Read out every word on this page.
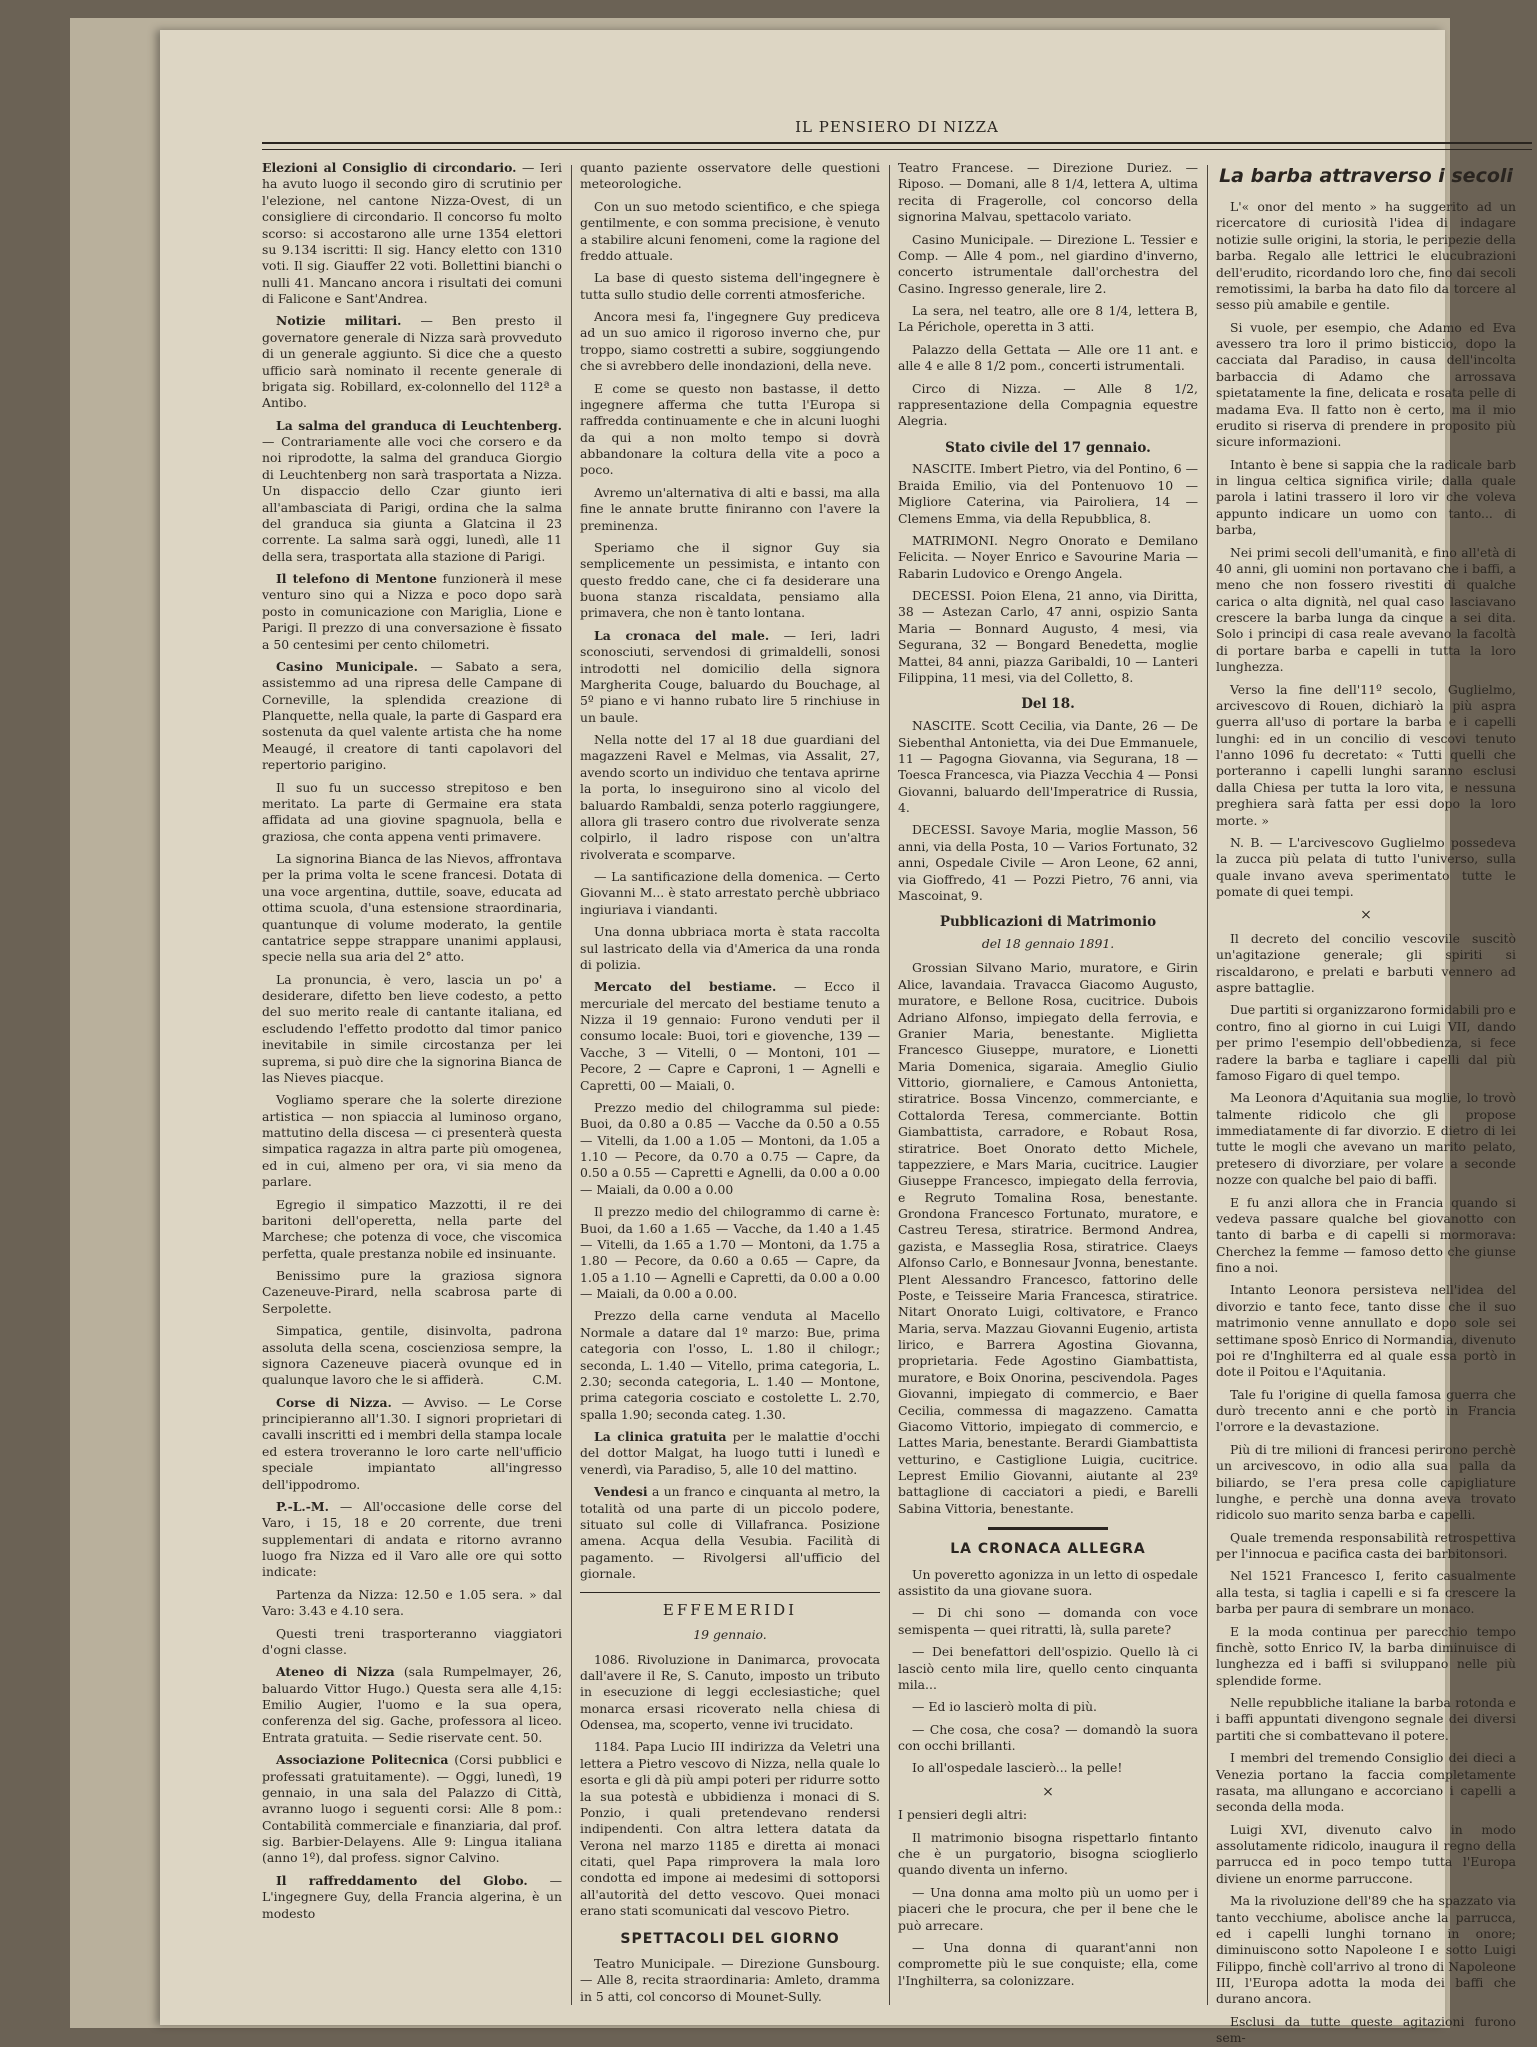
IL PENSIERO DI NIZZA

Elezioni al Consiglio di circondario. — Ieri ha avuto luogo il secondo giro di scrutinio per l'elezione, nel cantone Nizza-Ovest, di un consigliere di circondario. Il concorso fu molto scorso: si accostarono alle urne 1354 elettori su 9.134 iscritti: Il sig. Hancy eletto con 1310 voti. Il sig. Giauffer 22 voti. Bollettini bianchi o nulli 41. Mancano ancora i risultati dei comuni di Falicone e Sant'Andrea.

Notizie militari. — Ben presto il governatore generale di Nizza sarà provveduto di un generale aggiunto. Si dice che a questo ufficio sarà nominato il recente generale di brigata sig. Robillard, ex-colonnello del 112ª a Antibo.

La salma del granduca di Leuchtenberg. — Contrariamente alle voci che corsero e da noi riprodotte, la salma del granduca Giorgio di Leuchtenberg non sarà trasportata a Nizza. Un dispaccio dello Czar giunto ieri all'ambasciata di Parigi, ordina che la salma del granduca sia giunta a Glatcina il 23 corrente. La salma sarà oggi, lunedì, alle 11 della sera, trasportata alla stazione di Parigi.

Il telefono di Mentone funzionerà il mese venturo sino qui a Nizza e poco dopo sarà posto in comunicazione con Mariglia, Lione e Parigi. Il prezzo di una conversazione è fissato a 50 centesimi per cento chilometri.

Casino Municipale. — Sabato a sera, assistemmo ad una ripresa delle Campane di Corneville, la splendida creazione di Planquette, nella quale, la parte di Gaspard era sostenuta da quel valente artista che ha nome Meaugé, il creatore di tanti capolavori del repertorio parigino.

Il suo fu un successo strepitoso e ben meritato. La parte di Germaine era stata affidata ad una giovine spagnuola, bella e graziosa, che conta appena venti primavere.

La signorina Bianca de las Nievos, affrontava per la prima volta le scene francesi. Dotata di una voce argentina, duttile, soave, educata ad ottima scuola, d'una estensione straordinaria, quantunque di volume moderato, la gentile cantatrice seppe strappare unanimi applausi, specie nella sua aria del 2° atto.

La pronuncia, è vero, lascia un po' a desiderare, difetto ben lieve codesto, a petto del suo merito reale di cantante italiana, ed escludendo l'effetto prodotto dal timor panico inevitabile in simile circostanza per lei suprema, si può dire che la signorina Bianca de las Nieves piacque.

Vogliamo sperare che la solerte direzione artistica — non spiaccia al luminoso organo, mattutino della discesa — ci presenterà questa simpatica ragazza in altra parte più omogenea, ed in cui, almeno per ora, vi sia meno da parlare.

Egregio il simpatico Mazzotti, il re dei baritoni dell'operetta, nella parte del Marchese; che potenza di voce, che viscomica perfetta, quale prestanza nobile ed insinuante.

Benissimo pure la graziosa signora Cazeneuve-Pirard, nella scabrosa parte di Serpolette.

Simpatica, gentile, disinvolta, padrona assoluta della scena, coscienziosa sempre, la signora Cazeneuve piacerà ovunque ed in qualunque lavoro che le si affiderà.	C.M.

Corse di Nizza. — Avviso. — Le Corse principieranno all'1.30. I signori proprietari di cavalli inscritti ed i membri della stampa locale ed estera troveranno le loro carte nell'ufficio speciale impiantato all'ingresso dell'ippodromo.

P.-L.-M. — All'occasione delle corse del Varo, i 15, 18 e 20 corrente, due treni supplementari di andata e ritorno avranno luogo fra Nizza ed il Varo alle ore qui sotto indicate:

Partenza da Nizza: 12.50 e 1.05 sera. » dal Varo: 3.43 e 4.10 sera.

Questi treni trasporteranno viaggiatori d'ogni classe.

Ateneo di Nizza (sala Rumpelmayer, 26, baluardo Vittor Hugo.) Questa sera alle 4,15: Emilio Augier, l'uomo e la sua opera, conferenza del sig. Gache, professora al liceo. Entrata gratuita. — Sedie riservate cent. 50.

Associazione Politecnica (Corsi pubblici e professati gratuitamente). — Oggi, lunedì, 19 gennaio, in una sala del Palazzo di Città, avranno luogo i seguenti corsi: Alle 8 pom.: Contabilità commerciale e finanziaria, dal prof. sig. Barbier-Delayens. Alle 9: Lingua italiana (anno 1º), dal profess. signor Calvino.

Il raffreddamento del Globo. — L'ingegnere Guy, della Francia algerina, è un modesto

quanto paziente osservatore delle questioni meteorologiche.

Con un suo metodo scientifico, e che spiega gentilmente, e con somma precisione, è venuto a stabilire alcuni fenomeni, come la ragione del freddo attuale.

La base di questo sistema dell'ingegnere è tutta sullo studio delle correnti atmosferiche.

Ancora mesi fa, l'ingegnere Guy prediceva ad un suo amico il rigoroso inverno che, pur troppo, siamo costretti a subire, soggiungendo che si avrebbero delle inondazioni, della neve.

E come se questo non bastasse, il detto ingegnere afferma che tutta l'Europa si raffredda continuamente e che in alcuni luoghi da qui a non molto tempo si dovrà abbandonare la coltura della vite a poco a poco.

Avremo un'alternativa di alti e bassi, ma alla fine le annate brutte finiranno con l'avere la preminenza.

Speriamo che il signor Guy sia semplicemente un pessimista, e intanto con questo freddo cane, che ci fa desiderare una buona stanza riscaldata, pensiamo alla primavera, che non è tanto lontana.

La cronaca del male. — Ieri, ladri sconosciuti, servendosi di grimaldelli, sonosi introdotti nel domicilio della signora Margherita Couge, baluardo du Bouchage, al 5º piano e vi hanno rubato lire 5 rinchiuse in un baule.

Nella notte del 17 al 18 due guardiani del magazzeni Ravel e Melmas, via Assalit, 27, avendo scorto un individuo che tentava aprirne la porta, lo inseguirono sino al vicolo del baluardo Rambaldi, senza poterlo raggiungere, allora gli trasero contro due rivolverate senza colpirlo, il ladro rispose con un'altra rivolverata e scomparve.

— La santificazione della domenica. — Certo Giovanni M... è stato arrestato perchè ubbriaco ingiuriava i viandanti.

Una donna ubbriaca morta è stata raccolta sul lastricato della via d'America da una ronda di polizia.

Mercato del bestiame. — Ecco il mercuriale del mercato del bestiame tenuto a Nizza il 19 gennaio: Furono venduti per il consumo locale: Buoi, tori e giovenche, 139 —Vacche, 3 — Vitelli, 0 — Montoni, 101 — Pecore, 2 — Capre e Caproni, 1 — Agnelli e Capretti, 00 — Maiali, 0.

Prezzo medio del chilogramma sul piede: Buoi, da 0.80 a 0.85 — Vacche da 0.50 a 0.55 — Vitelli, da 1.00 a 1.05 — Montoni, da 1.05 a 1.10 — Pecore, da 0.70 a 0.75 — Capre, da 0.50 a 0.55 — Capretti e Agnelli, da 0.00 a 0.00 — Maiali, da 0.00 a 0.00

Il prezzo medio del chilogrammo di carne è: Buoi, da 1.60 a 1.65 — Vacche, da 1.40 a 1.45 — Vitelli, da 1.65 a 1.70 — Montoni, da 1.75 a 1.80 — Pecore, da 0.60 a 0.65 — Capre, da 1.05 a 1.10 — Agnelli e Capretti, da 0.00 a 0.00 — Maiali, da 0.00 a 0.00.

Prezzo della carne venduta al Macello Normale a datare dal 1º marzo: Bue, prima categoria con l'osso, L. 1.80 il chilogr.; seconda, L. 1.40 — Vitello, prima categoria, L. 2.30; seconda categoria, L. 1.40 — Montone, prima categoria cosciato e costolette L. 2.70, spalla 1.90; seconda categ. 1.30.

La clinica gratuita per le malattie d'occhi del dottor Malgat, ha luogo tutti i lunedì e venerdì, via Paradiso, 5, alle 10 del mattino.

Vendesi a un franco e cinquanta al metro, la totalità od una parte di un piccolo podere, situato sul colle di Villafranca. Posizione amena. Acqua della Vesubia. Facilità di pagamento. — Rivolgersi all'ufficio del giornale.

EFFEMERIDI
19 gennaio.

1086. Rivoluzione in Danimarca, provocata dall'avere il Re, S. Canuto, imposto un tributo in esecuzione di leggi ecclesiastiche; quel monarca ersasi ricoverato nella chiesa di Odensea, ma, scoperto, venne ivi trucidato.

1184. Papa Lucio III indirizza da Veletri una lettera a Pietro vescovo di Nizza, nella quale lo esorta e gli dà più ampi poteri per ridurre sotto la sua potestà e ubbidienza i monaci di S. Ponzio, i quali pretendevano rendersi indipendenti. Con altra lettera datata da Verona nel marzo 1185 e diretta ai monaci citati, quel Papa rimprovera la mala loro condotta ed impone ai medesimi di sottoporsi all'autorità del detto vescovo. Quei monaci erano stati scomunicati dal vescovo Pietro.

SPETTACOLI DEL GIORNO

Teatro Municipale. — Direzione Gunsbourg. — Alle 8, recita straordinaria: Amleto, dramma in 5 atti, col concorso di Mounet-Sully.

Teatro Francese. — Direzione Duriez. — Riposo. — Domani, alle 8 1/4, lettera A, ultima recita di Fragerolle, col concorso della signorina Malvau, spettacolo variato.

Casino Municipale. — Direzione L. Tessier e Comp. — Alle 4 pom., nel giardino d'inverno, concerto istrumentale dall'orchestra del Casino. Ingresso generale, lire 2.

La sera, nel teatro, alle ore 8 1/4, lettera B, La Périchole, operetta in 3 atti.

Palazzo della Gettata — Alle ore 11 ant. e alle 4 e alle 8 1/2 pom., concerti istrumentali.

Circo di Nizza. — Alle 8 1/2, rappresentazione della Compagnia equestre Alegria.

Stato civile del 17 gennaio.

NASCITE. Imbert Pietro, via del Pontino, 6 — Braida Emilio, via del Pontenuovo 10 — Migliore Caterina, via Pairoliera, 14 — Clemens Emma, via della Repubblica, 8.

MATRIMONI. Negro Onorato e Demilano Felicita. — Noyer Enrico e Savourine Maria — Rabarin Ludovico e Orengo Angela.

DECESSI. Poion Elena, 21 anno, via Diritta, 38 — Astezan Carlo, 47 anni, ospizio Santa Maria — Bonnard Augusto, 4 mesi, via Segurana, 32 — Bongard Benedetta, moglie Mattei, 84 anni, piazza Garibaldi, 10 — Lanteri Filippina, 11 mesi, via del Colletto, 8.

Del 18.

NASCITE. Scott Cecilia, via Dante, 26 — De Siebenthal Antonietta, via dei Due Emmanuele, 11 — Pagogna Giovanna, via Segurana, 18 — Toesca Francesca, via Piazza Vecchia 4 — Ponsi Giovanni, baluardo dell'Imperatrice di Russia, 4.

DECESSI. Savoye Maria, moglie Masson, 56 anni, via della Posta, 10 — Varios Fortunato, 32 anni, Ospedale Civile — Aron Leone, 62 anni, via Gioffredo, 41 — Pozzi Pietro, 76 anni, via Mascoinat, 9.

Pubblicazioni di Matrimonio
del 18 gennaio 1891.

Grossian Silvano Mario, muratore, e Girin Alice, lavandaia. Travacca Giacomo Augusto, muratore, e Bellone Rosa, cucitrice. Dubois Adriano Alfonso, impiegato della ferrovia, e Granier Maria, benestante. Miglietta Francesco Giuseppe, muratore, e Lionetti Maria Domenica, sigaraia. Ameglio Giulio Vittorio, giornaliere, e Camous Antonietta, stiratrice. Bossa Vincenzo, commerciante, e Cottalorda Teresa, commerciante. Bottin Giambattista, carradore, e Robaut Rosa, stiratrice. Boet Onorato detto Michele, tappezziere, e Mars Maria, cucitrice. Laugier Giuseppe Francesco, impiegato della ferrovia, e Regruto Tomalina Rosa, benestante. Grondona Francesco Fortunato, muratore, e Castreu Teresa, stiratrice. Bermond Andrea, gazista, e Masseglia Rosa, stiratrice. Claeys Alfonso Carlo, e Bonnesaur Jvonna, benestante. Plent Alessandro Francesco, fattorino delle Poste, e Teisseire Maria Francesca, stiratrice. Nitart Onorato Luigi, coltivatore, e Franco Maria, serva. Mazzau Giovanni Eugenio, artista lirico, e Barrera Agostina Giovanna, proprietaria. Fede Agostino Giambattista, muratore, e Boix Onorina, pescivendola. Pages Giovanni, impiegato di commercio, e Baer Cecilia, commessa di magazzeno. Camatta Giacomo Vittorio, impiegato di commercio, e Lattes Maria, benestante. Berardi Giambattista vetturino, e Castiglione Luigia, cucitrice. Leprest Emilio Giovanni, aiutante al 23º battaglione di cacciatori a piedi, e Barelli Sabina Vittoria, benestante.

LA CRONACA ALLEGRA

Un poveretto agonizza in un letto di ospedale assistito da una giovane suora.

— Di chi sono — domanda con voce semispenta — quei ritratti, là, sulla parete?

— Dei benefattori dell'ospizio. Quello là ci lasciò cento mila lire, quello cento cinquanta mila...

— Ed io lascierò molta di più.

— Che cosa, che cosa? — domandò la suora con occhi brillanti.

Io all'ospedale lascierò... la pelle!

×

I pensieri degli altri:

Il matrimonio bisogna rispettarlo fintanto che è un purgatorio, bisogna scioglierlo quando diventa un inferno.

— Una donna ama molto più un uomo per i piaceri che le procura, che per il bene che le può arrecare.

— Una donna di quarant'anni non compromette più le sue conquiste; ella, come l'Inghilterra, sa colonizzare.

La barba attraverso i secoli

L'« onor del mento » ha suggerito ad un ricercatore di curiosità l'idea di indagare notizie sulle origini, la storia, le peripezie della barba. Regalo alle lettrici le elucubrazioni dell'erudito, ricordando loro che, fino dai secoli remotissimi, la barba ha dato filo da torcere al sesso più amabile e gentile.

Si vuole, per esempio, che Adamo ed Eva avessero tra loro il primo bisticcio, dopo la cacciata dal Paradiso, in causa dell'incolta barbaccia di Adamo che arrossava spietatamente la fine, delicata e rosata pelle di madama Eva. Il fatto non è certo, ma il mio erudito si riserva di prendere in proposito più sicure informazioni.

Intanto è bene si sappia che la radicale barb in lingua celtica significa virile; dalla quale parola i latini trassero il loro vir che voleva appunto indicare un uomo con tanto... di barba,

Nei primi secoli dell'umanità, e fino all'età di 40 anni, gli uomini non portavano che i baffi, a meno che non fossero rivestiti di qualche carica o alta dignità, nel qual caso lasciavano crescere la barba lunga da cinque a sei dita. Solo i principi di casa reale avevano la facoltà di portare barba e capelli in tutta la loro lunghezza.

Verso la fine dell'11º secolo, Guglielmo, arcivescovo di Rouen, dichiarò la più aspra guerra all'uso di portare la barba e i capelli lunghi: ed in un concilio di vescovi tenuto l'anno 1096 fu decretato: « Tutti quelli che porteranno i capelli lunghi saranno esclusi dalla Chiesa per tutta la loro vita, e nessuna preghiera sarà fatta per essi dopo la loro morte. »

N. B. — L'arcivescovo Guglielmo possedeva la zucca più pelata di tutto l'universo, sulla quale invano aveva sperimentato tutte le pomate di quei tempi.

×

Il decreto del concilio vescovile suscitò un'agitazione generale; gli spiriti si riscaldarono, e prelati e barbuti vennero ad aspre battaglie.

Due partiti si organizzarono formidabili pro e contro, fino al giorno in cui Luigi VII, dando per primo l'esempio dell'obbedienza, si fece radere la barba e tagliare i capelli dal più famoso Figaro di quel tempo.

Ma Leonora d'Aquitania sua moglie, lo trovò talmente ridicolo che gli propose immediatamente di far divorzio. E dietro di lei tutte le mogli che avevano un marito pelato, pretesero di divorziare, per volare a seconde nozze con qualche bel paio di baffi.

E fu anzi allora che in Francia quando si vedeva passare qualche bel giovanotto con tanto di barba e di capelli si mormorava: Cherchez la femme — famoso detto che giunse fino a noi.

Intanto Leonora persisteva nell'idea del divorzio e tanto fece, tanto disse che il suo matrimonio venne annullato e dopo sole sei settimane sposò Enrico di Normandia, divenuto poi re d'Inghilterra ed al quale essa portò in dote il Poitou e l'Aquitania.

Tale fu l'origine di quella famosa guerra che durò trecento anni e che portò in Francia l'orrore e la devastazione.

Più di tre milioni di francesi perirono perchè un arcivescovo, in odio alla sua palla da biliardo, se l'era presa colle capigliature lunghe, e perchè una donna aveva trovato ridicolo suo marito senza barba e capelli.

Quale tremenda responsabilità retrospettiva per l'innocua e pacifica casta dei barbitonsori.

Nel 1521 Francesco I, ferito casualmente alla testa, si taglia i capelli e si fa crescere la barba per paura di sembrare un monaco.

E la moda continua per parecchio tempo finchè, sotto Enrico IV, la barba diminuisce di lunghezza ed i baffi si sviluppano nelle più splendide forme.

Nelle repubbliche italiane la barba rotonda e i baffi appuntati divengono segnale dei diversi partiti che si combattevano il potere.

I membri del tremendo Consiglio dei dieci a Venezia portano la faccia completamente rasata, ma allungano e accorciano i capelli a seconda della moda.

Luigi XVI, divenuto calvo in modo assolutamente ridicolo, inaugura il regno della parrucca ed in poco tempo tutta l'Europa diviene un enorme parruccone.

Ma la rivoluzione dell'89 che ha spazzato via tanto vecchiume, abolisce anche la parrucca, ed i capelli lunghi tornano in onore; diminuiscono sotto Napoleone I e sotto Luigi Filippo, finchè coll'arrivo al trono di Napoleone III, l'Europa adotta la moda dei baffi che durano ancora.

Esclusi da tutte queste agitazioni furono sem-
